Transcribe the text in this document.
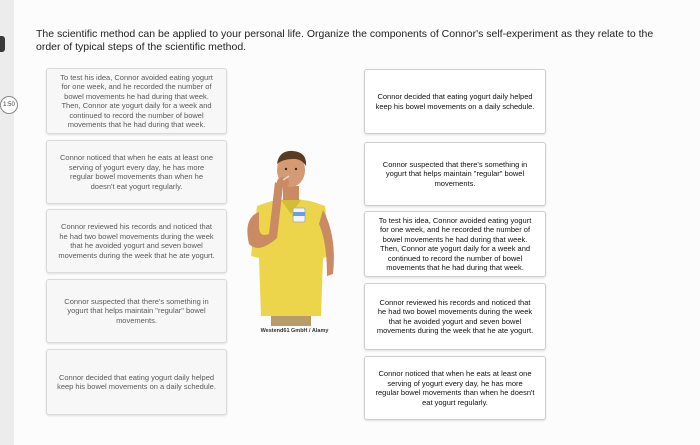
1:50
The scientific method can be applied to your personal life. Organize the components of Connor's self-experiment as they relate to the order of typical steps of the scientific method.
To test his idea, Connor avoided eating yogurt for one week, and he recorded the number of bowel movements he had during that week. Then, Connor ate yogurt daily for a week and continued to record the number of bowel movements that he had during that week.
Connor noticed that when he eats at least one serving of yogurt every day, he has more regular bowel movements than when he doesn't eat yogurt regularly.
Connor reviewed his records and noticed that he had two bowel movements during the week that he avoided yogurt and seven bowel movements during the week that he ate yogurt.
Connor suspected that there's something in yogurt that helps maintain "regular" bowel movements.
Connor decided that eating yogurt daily helped keep his bowel movements on a daily schedule.
Westend61 GmbH / Alamy
Connor decided that eating yogurt daily helped keep his bowel movements on a daily schedule.
Connor suspected that there's something in yogurt that helps maintain "regular" bowel movements.
To test his idea, Connor avoided eating yogurt for one week, and he recorded the number of bowel movements he had during that week. Then, Connor ate yogurt daily for a week and continued to record the number of bowel movements that he had during that week.
Connor reviewed his records and noticed that he had two bowel movements during the week that he avoided yogurt and seven bowel movements during the week that he ate yogurt.
Connor noticed that when he eats at least one serving of yogurt every day, he has more regular bowel movements than when he doesn't eat yogurt regularly.
